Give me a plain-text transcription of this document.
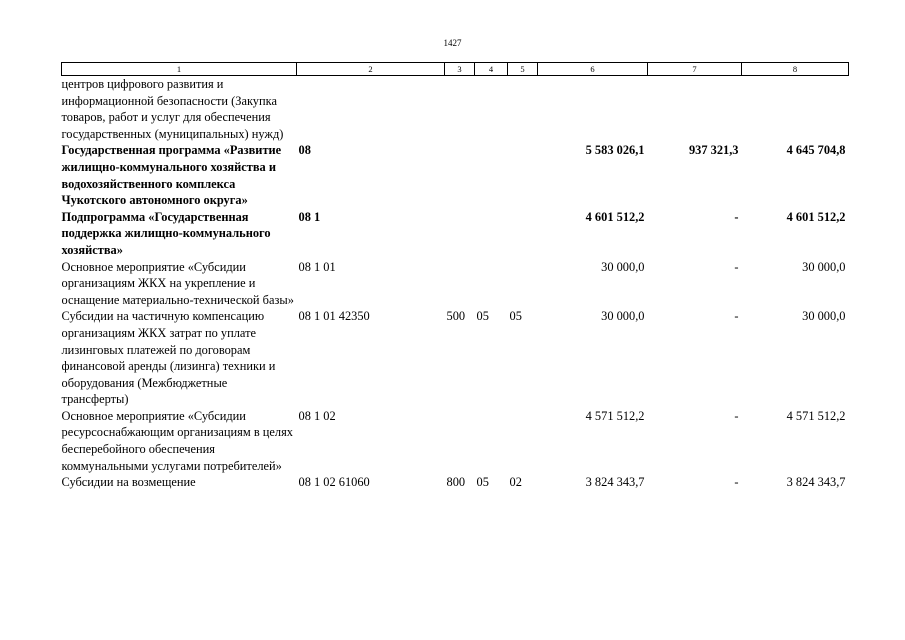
1427
1	2	3	4	5	6	7	8
центров цифрового развития и информационной безопасности (Закупка товаров, работ и услуг для обеспечения государственных (муниципальных) нужд)							
Государственная программа «Развитие жилищно-коммунального хозяйства и водохозяйственного комплекса Чукотского автономного округа»	08				5 583 026,1	937 321,3	4 645 704,8
Подпрограмма «Государственная поддержка жилищно-коммунального хозяйства»	08 1				4 601 512,2	-	4 601 512,2
Основное мероприятие «Субсидии организациям ЖКХ на укрепление и оснащение материально-технической базы»	08 1 01				30 000,0	-	30 000,0
Субсидии на частичную компенсацию организациям ЖКХ затрат по уплате лизинговых платежей по договорам финансовой аренды (лизинга) техники и оборудования (Межбюджетные трансферты)	08 1 01 42350	500	05	05	30 000,0	-	30 000,0
Основное мероприятие «Субсидии ресурсоснабжающим организациям в целях бесперебойного обеспечения коммунальными услугами потребителей»	08 1 02				4 571 512,2	-	4 571 512,2
Субсидии на возмещение	08 1 02 61060	800	05	02	3 824 343,7	-	3 824 343,7
